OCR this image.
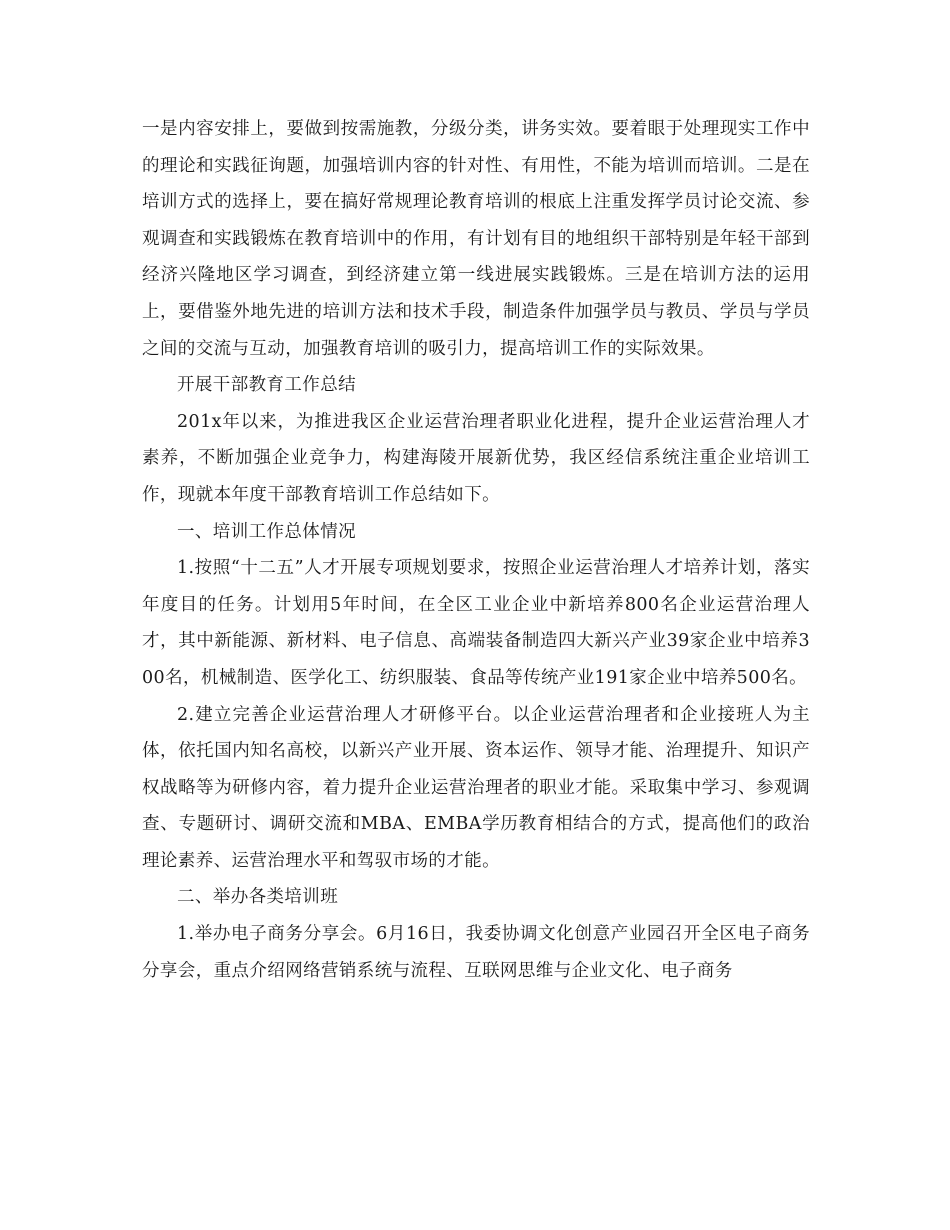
一是内容安排上，要做到按需施教，分级分类，讲务实效。要着眼于处理现实工作中的理论和实践征询题，加强培训内容的针对性、有用性，不能为培训而培训。二是在培训方式的选择上，要在搞好常规理论教育培训的根底上注重发挥学员讨论交流、参观调查和实践锻炼在教育培训中的作用，有计划有目的地组织干部特别是年轻干部到经济兴隆地区学习调查，到经济建立第一线进展实践锻炼。三是在培训方法的运用上，要借鉴外地先进的培训方法和技术手段，制造条件加强学员与教员、学员与学员之间的交流与互动，加强教育培训的吸引力，提高培训工作的实际效果。

开展干部教育工作总结

201x年以来，为推进我区企业运营治理者职业化进程，提升企业运营治理人才素养，不断加强企业竞争力，构建海陵开展新优势，我区经信系统注重企业培训工作，现就本年度干部教育培训工作总结如下。

一、培训工作总体情况

1.按照“十二五”人才开展专项规划要求，按照企业运营治理人才培养计划，落实年度目的任务。计划用5年时间，在全区工业企业中新培养800名企业运营治理人才，其中新能源、新材料、电子信息、高端装备制造四大新兴产业39家企业中培养300名，机械制造、医学化工、纺织服装、食品等传统产业191家企业中培养500名。

2.建立完善企业运营治理人才研修平台。以企业运营治理者和企业接班人为主体，依托国内知名高校，以新兴产业开展、资本运作、领导才能、治理提升、知识产权战略等为研修内容，着力提升企业运营治理者的职业才能。采取集中学习、参观调查、专题研讨、调研交流和MBA、EMBA学历教育相结合的方式，提高他们的政治理论素养、运营治理水平和驾驭市场的才能。

二、举办各类培训班

1.举办电子商务分享会。6月16日，我委协调文化创意产业园召开全区电子商务分享会，重点介绍网络营销系统与流程、互联网思维与企业文化、电子商务
